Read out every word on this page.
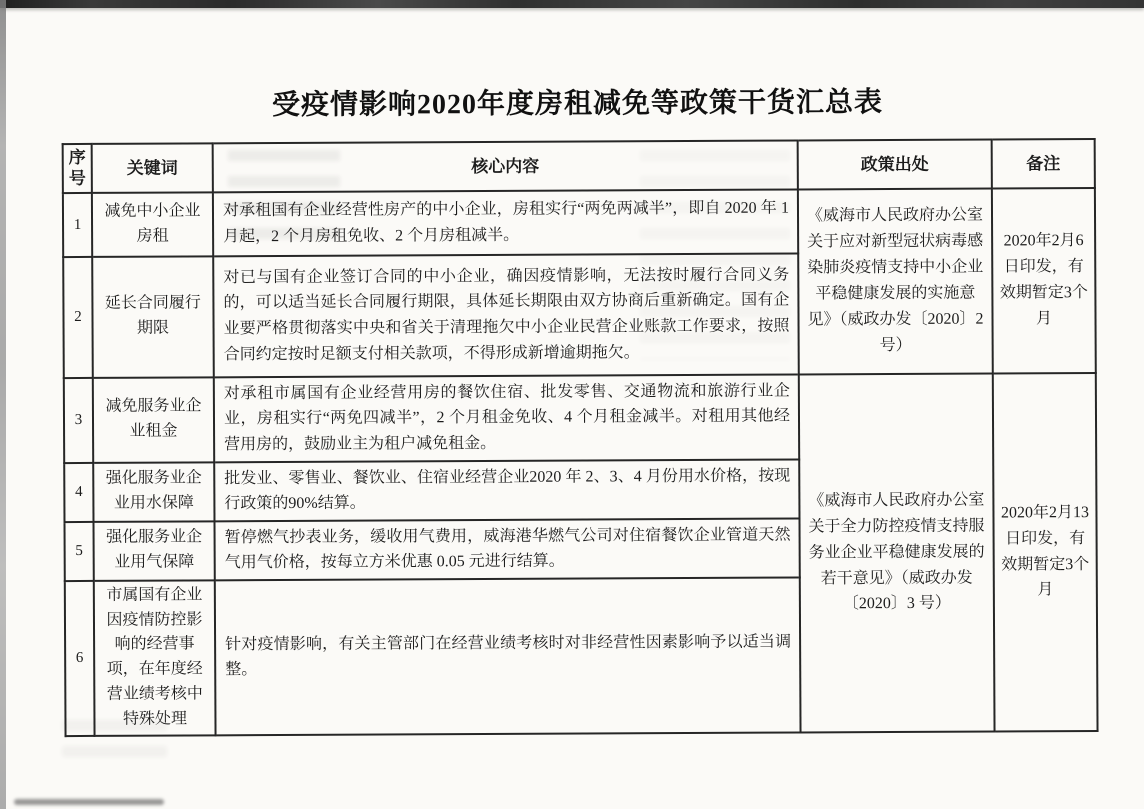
受疫情影响2020年度房租减免等政策干货汇总表
序号	关键词	核心内容	政策出处	备注
1	减免中小企业房租	对承租国有企业经营性房产的中小企业，房租实行“两免两减半”，即自 2020 年 1 月起，2 个月房租免收、2 个月房租减半。	《威海市人民政府办公室关于应对新型冠状病毒感染肺炎疫情支持中小企业平稳健康发展的实施意见》（威政办发〔2020〕2号）	2020年2月6日印发，有效期暂定3个月
2	延长合同履行期限	对已与国有企业签订合同的中小企业，确因疫情影响，无法按时履行合同义务的，可以适当延长合同履行期限，具体延长期限由双方协商后重新确定。国有企业要严格贯彻落实中央和省关于清理拖欠中小企业民营企业账款工作要求，按照合同约定按时足额支付相关款项，不得形成新增逾期拖欠。		
3	减免服务业企业租金	对承租市属国有企业经营用房的餐饮住宿、批发零售、交通物流和旅游行业企业，房租实行“两免四减半”，2 个月租金免收、4 个月租金减半。对租用其他经营用房的，鼓励业主为租户减免租金。	《威海市人民政府办公室关于全力防控疫情支持服务业企业平稳健康发展的若干意见》（威政办发〔2020〕3 号）	2020年2月13日印发，有效期暂定3个月
4	强化服务业企业用水保障	批发业、零售业、餐饮业、住宿业经营企业2020 年 2、3、4 月份用水价格，按现行政策的90%结算。		
5	强化服务业企业用气保障	暂停燃气抄表业务，缓收用气费用，威海港华燃气公司对住宿餐饮企业管道天然气用气价格，按每立方米优惠 0.05 元进行结算。		
6	市属国有企业因疫情防控影响的经营事项，在年度经营业绩考核中特殊处理	针对疫情影响，有关主管部门在经营业绩考核时对非经营性因素影响予以适当调整。		
